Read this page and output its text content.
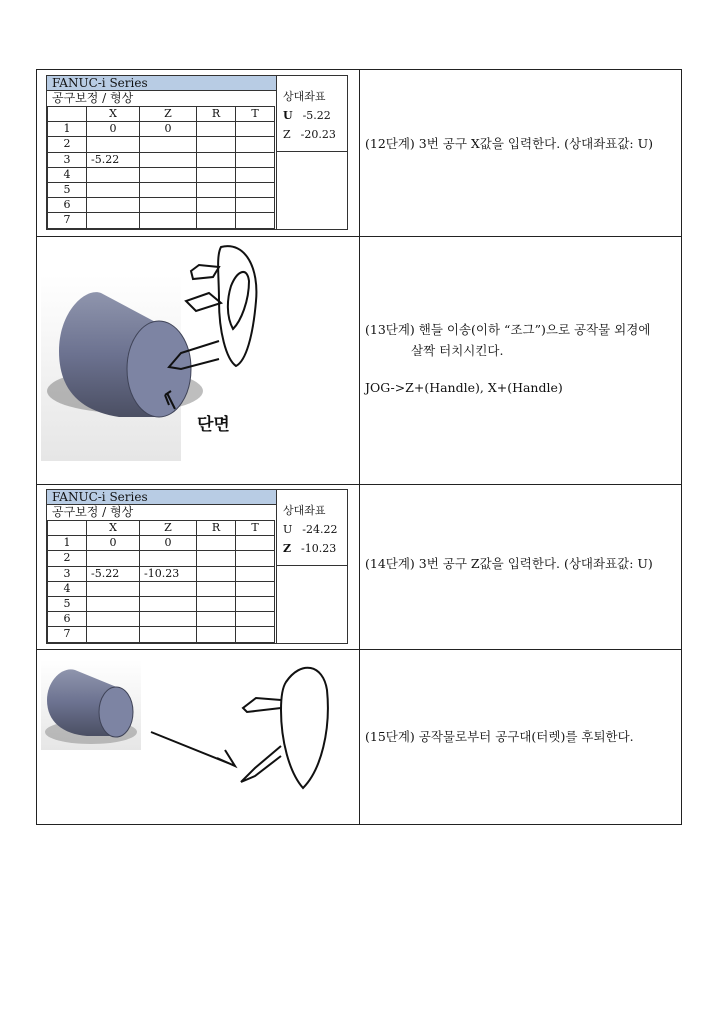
FANUC-i Series
공구보정 / 형상
	X	Z	R	T
1	0	0		
2				
3	-5.22			
4				
5				
6				
7				
상대좌표
U -5.22
Z -20.23
(12단계) 3번 공구 X값을 입력한다. (상대좌표값: U)
단면
(13단계) 핸들 이송(이하 “조그”)으로 공작물 외경에
살짝 터치시킨다.
JOG->Z+(Handle), X+(Handle)
FANUC-i Series
공구보정 / 형상
	X	Z	R	T
1	0	0		
2				
3	-5.22	-10.23		
4				
5				
6				
7				
상대좌표
U -24.22
Z -10.23
(14단계) 3번 공구 Z값을 입력한다. (상대좌표값: U)
(15단계) 공작물로부터 공구대(터렛)를 후퇴한다.
